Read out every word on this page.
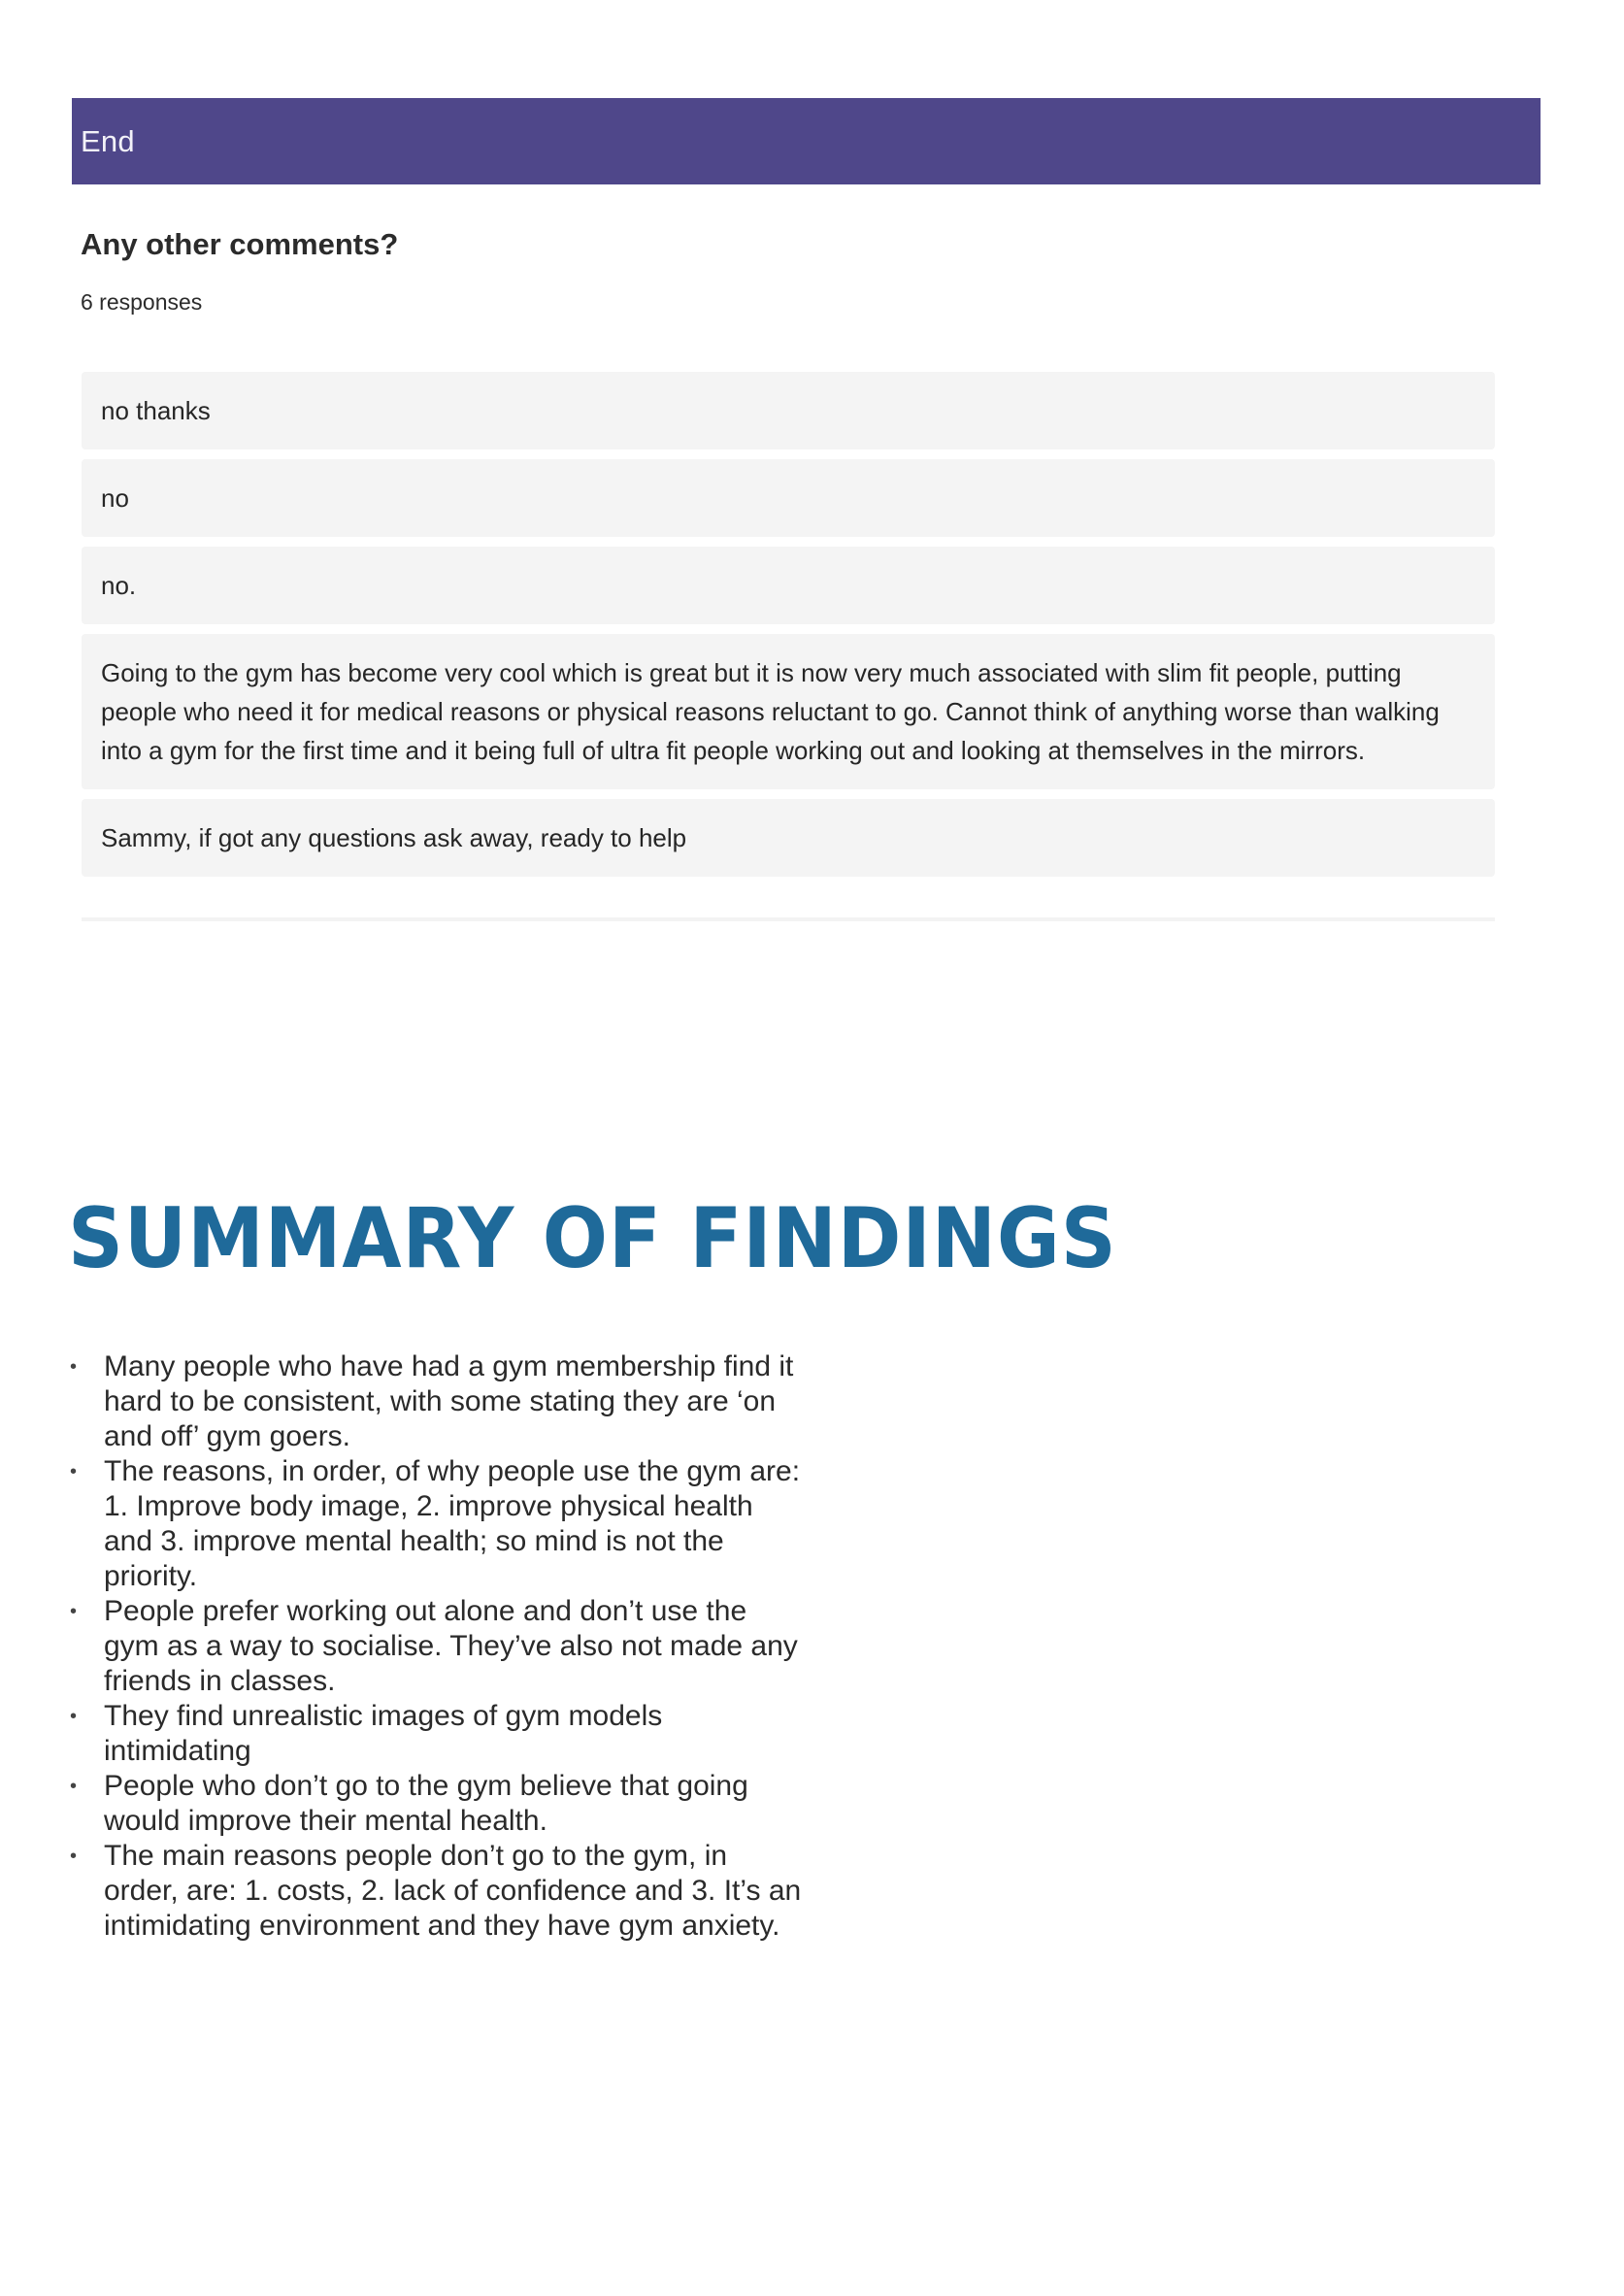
End
Any other comments?
6 responses
no thanks
no
no.
Going to the gym has become very cool which is great but it is now very much associated with slim fit people, putting people who need it for medical reasons or physical reasons reluctant to go. Cannot think of anything worse than walking into a gym for the first time and it being full of ultra fit people working out and looking at themselves in the mirrors.
Sammy, if got any questions ask away, ready to help
SUMMARY OF FINDINGS
• Many people who have had a gym membership find it hard to be consistent, with some stating they are ‘on and off’ gym goers.
• The reasons, in order, of why people use the gym are: 1. Improve body image, 2. improve physical health and 3. improve mental health; so mind is not the priority.
• People prefer working out alone and don’t use the gym as a way to socialise. They’ve also not made any friends in classes.
• They find unrealistic images of gym models intimidating
• People who don’t go to the gym believe that going would improve their mental health.
• The main reasons people don’t go to the gym, in order, are: 1. costs, 2. lack of confidence and 3. It’s an intimidating environment and they have gym anxiety.
